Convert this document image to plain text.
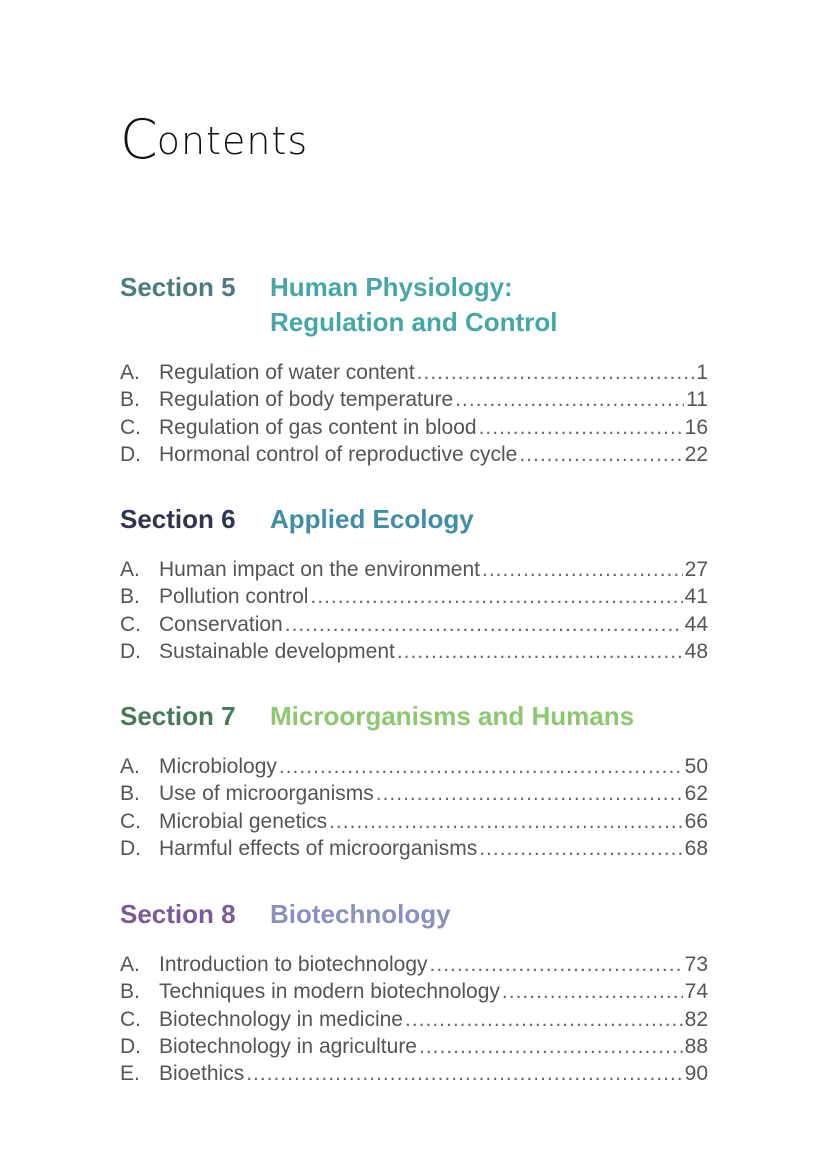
Contents
Section 5	Human Physiology:
Regulation and Control
A. Regulation of water content .....	1
B. Regulation of body temperature .....	11
C. Regulation of gas content in blood .....	16
D. Hormonal control of reproductive cycle .....	22
Section 6	Applied Ecology
A. Human impact on the environment .....	27
B. Pollution control .....	41
C. Conservation .....	44
D. Sustainable development .....	48
Section 7	Microorganisms and Humans
A. Microbiology .....	50
B. Use of microorganisms .....	62
C. Microbial genetics .....	66
D. Harmful effects of microorganisms .....	68
Section 8	Biotechnology
A. Introduction to biotechnology .....	73
B. Techniques in modern biotechnology .....	74
C. Biotechnology in medicine .....	82
D. Biotechnology in agriculture .....	88
E. Bioethics .....	90
